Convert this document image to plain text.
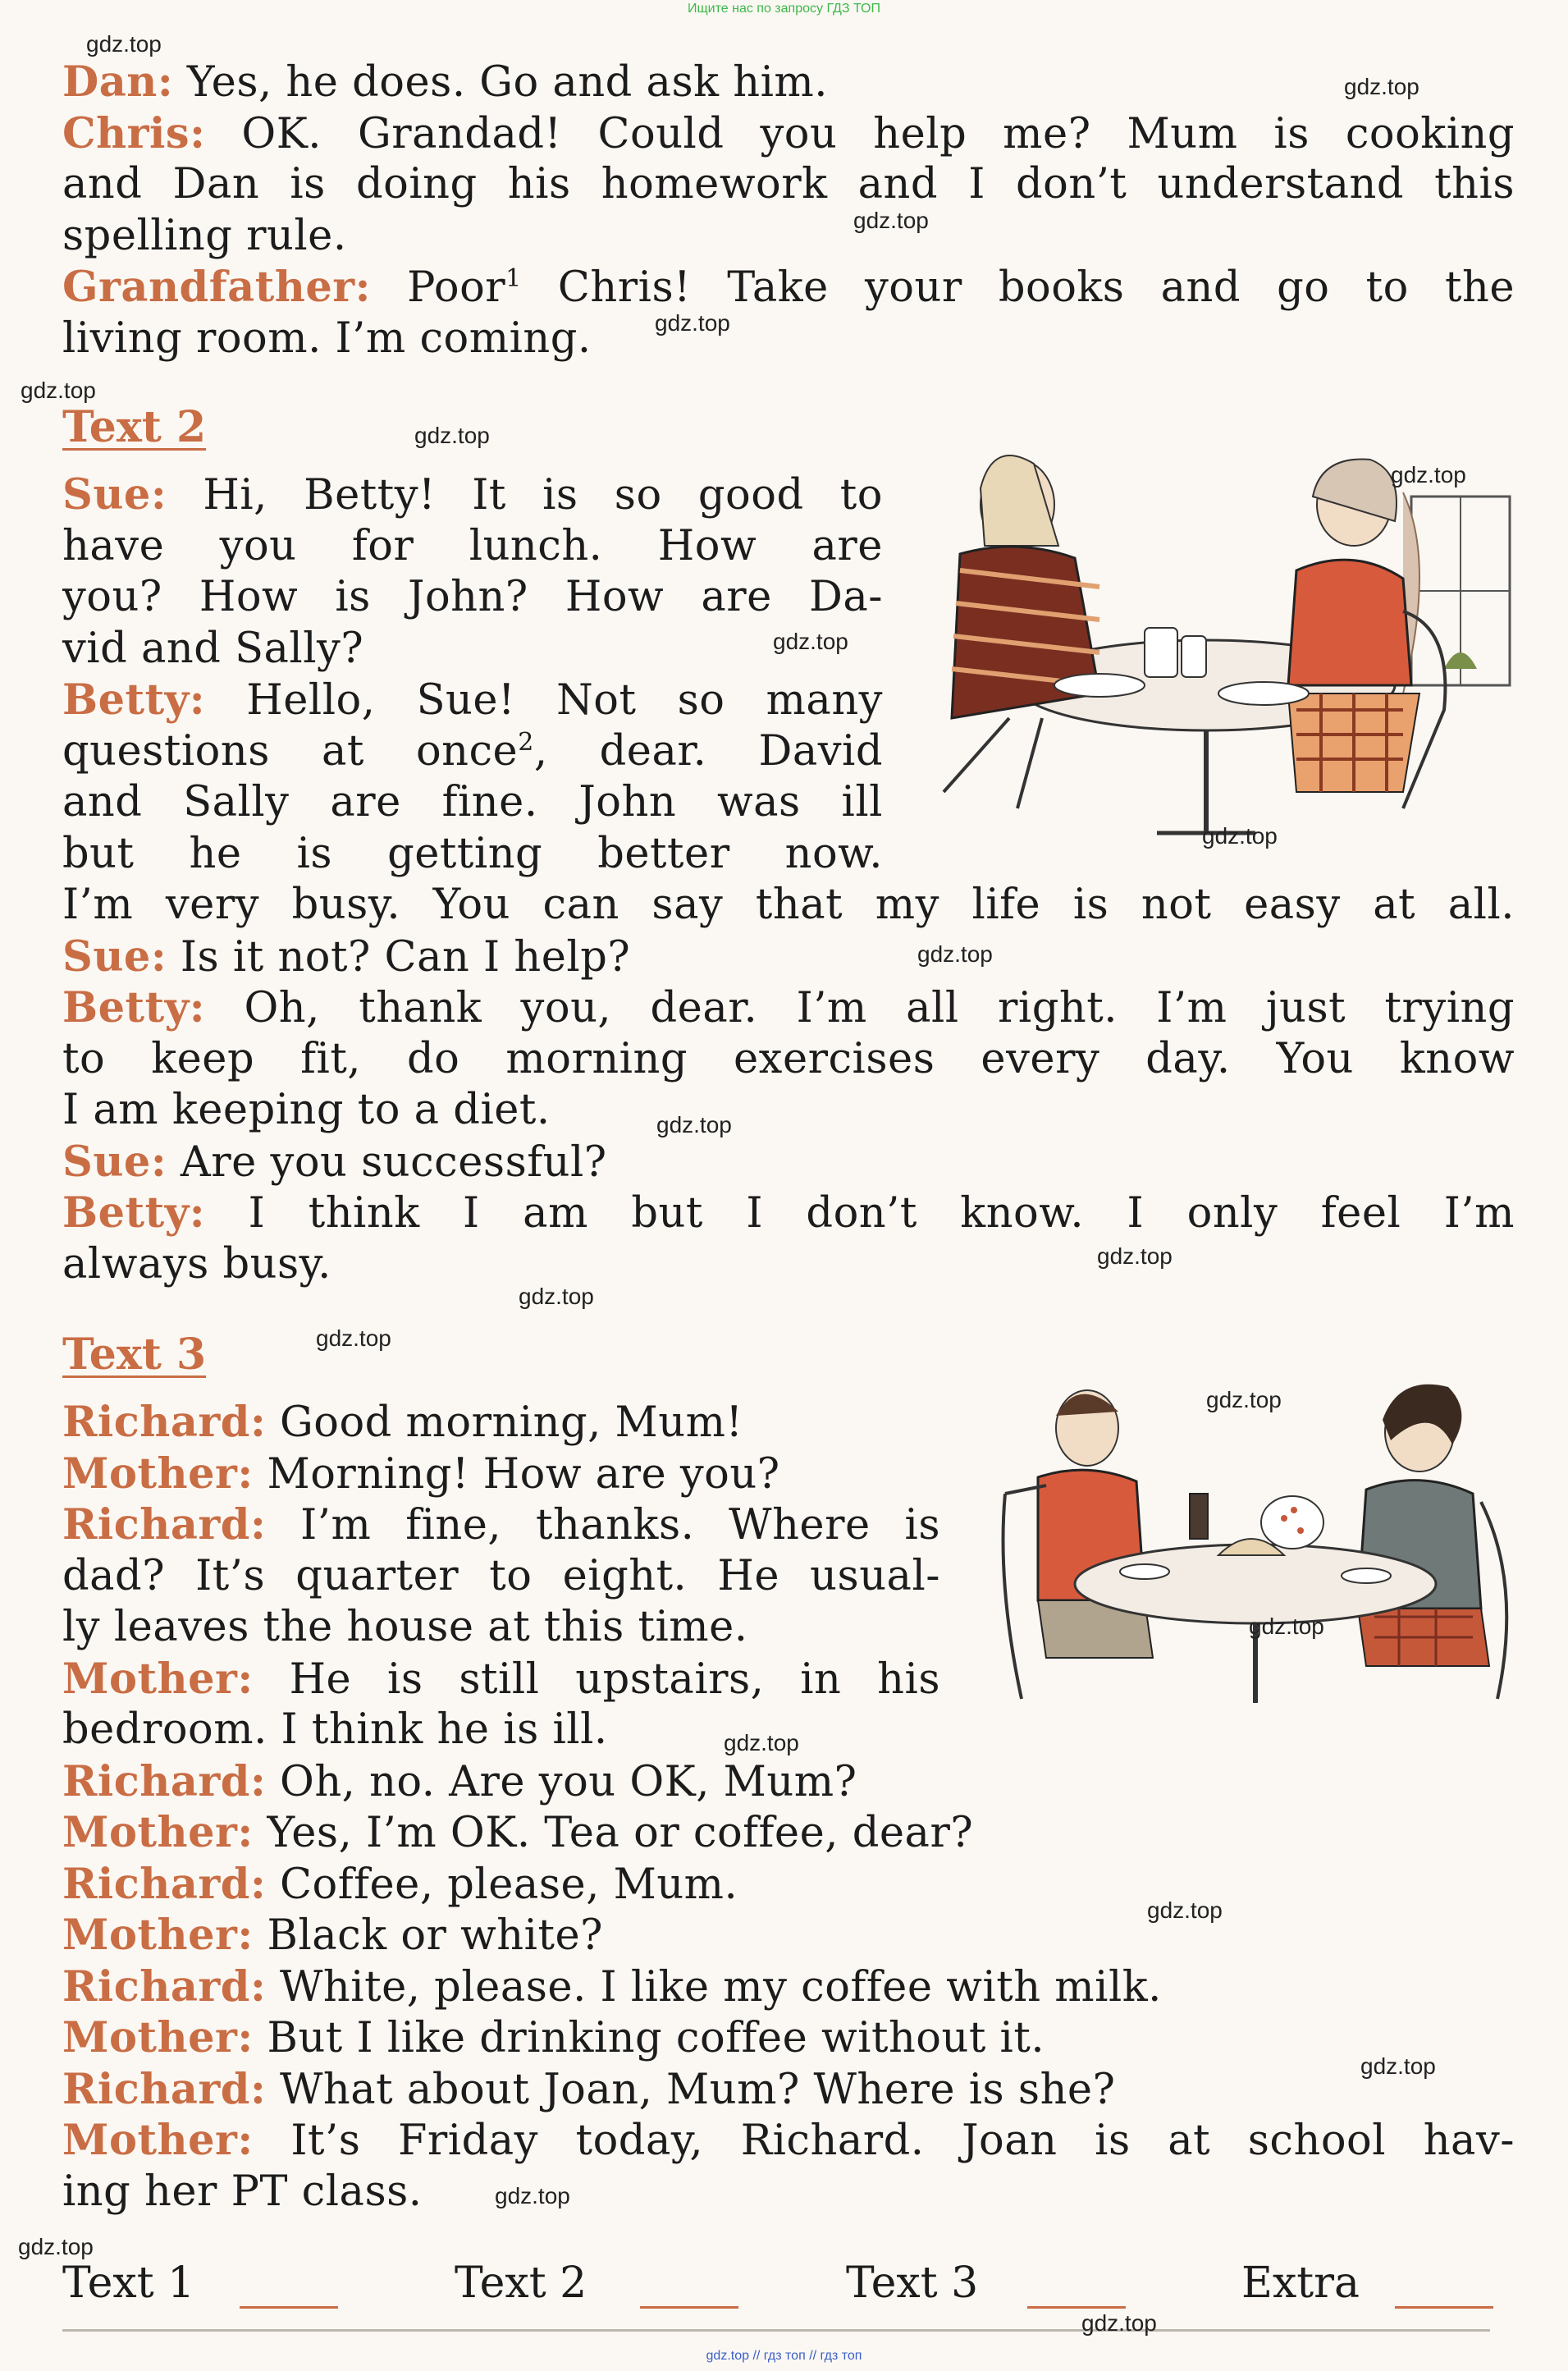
Ищите нас по запросу ГДЗ ТОП
Dan: Yes, he does. Go and ask him.
Chris: OK. Grandad! Could you help me? Mum is cooking
and Dan is doing his homework and I don’t understand this
spelling rule.
Grandfather: Poor$^1$ Chris! Take your books and go to the
living room. I’m coming.
Text 2
Sue: Hi, Betty! It is so good to
have you for lunch. How are
you? How is John? How are Da-
vid and Sally?
Betty: Hello, Sue! Not so many
questions at once$^2$, dear. David
and Sally are fine. John was ill
but he is getting better now.
I’m very busy. You can say that my life is not easy at all.
Sue: Is it not? Can I help?
Betty: Oh, thank you, dear. I’m all right. I’m just trying
to keep fit, do morning exercises every day. You know
I am keeping to a diet.
Sue: Are you successful?
Betty: I think I am but I don’t know. I only feel I’m
always busy.
Text 3
Richard: Good morning, Mum!
Mother: Morning! How are you?
Richard: I’m fine, thanks. Where is
dad? It’s quarter to eight. He usual-
ly leaves the house at this time.
Mother: He is still upstairs, in his
bedroom. I think he is ill.
Richard: Oh, no. Are you OK, Mum?
Mother: Yes, I’m OK. Tea or coffee, dear?
Richard: Coffee, please, Mum.
Mother: Black or white?
Richard: White, please. I like my coffee with milk.
Mother: But I like drinking coffee without it.
Richard: What about Joan, Mum? Where is she?
Mother: It’s Friday today, Richard. Joan is at school hav-
ing her PT class.
Text 1	Text 2	Text 3	Extra
gdz.top
gdz.top
gdz.top
gdz.top
gdz.top
gdz.top
gdz.top
gdz.top
gdz.top
gdz.top
gdz.top
gdz.top
gdz.top
gdz.top
gdz.top
gdz.top
gdz.top
gdz.top
gdz.top
gdz.top
gdz.top
gdz.top
gdz.top // гдз топ // гдз топ
